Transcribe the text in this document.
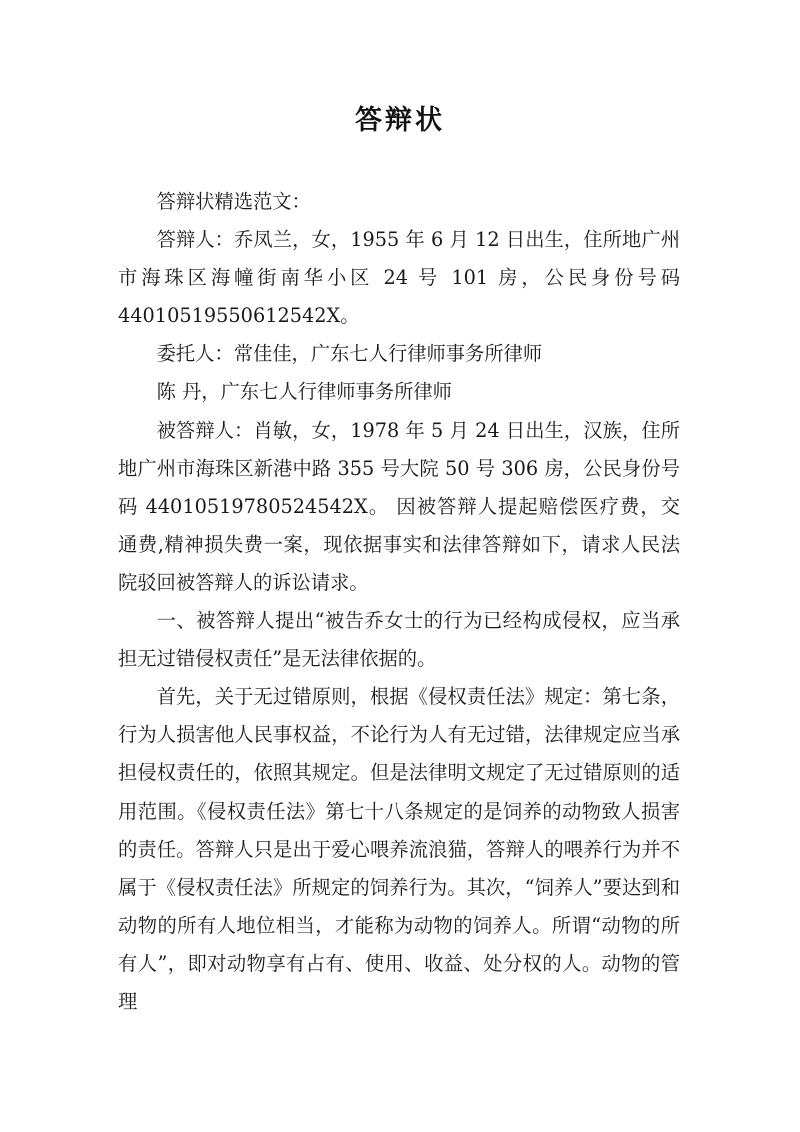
答辩状

答辩状精选范文：

答辩人：乔凤兰，女，1955 年 6 月 12 日出生，住所地广州市海珠区海幢街南华小区 24 号 101 房，公民身份号码 44010519550612542X。

委托人：常佳佳，广东七人行律师事务所律师

陈 丹，广东七人行律师事务所律师

被答辩人：肖敏，女，1978 年 5 月 24 日出生，汉族，住所地广州市海珠区新港中路 355 号大院 50 号 306 房，公民身份号码 44010519780524542X。 因被答辩人提起赔偿医疗费，交通费,精神损失费一案，现依据事实和法律答辩如下，请求人民法院驳回被答辩人的诉讼请求。

一、被答辩人提出“被告乔女士的行为已经构成侵权，应当承担无过错侵权责任”是无法律依据的。

首先，关于无过错原则，根据《侵权责任法》规定：第七条，行为人损害他人民事权益，不论行为人有无过错，法律规定应当承担侵权责任的，依照其规定。但是法律明文规定了无过错原则的适用范围。《侵权责任法》第七十八条规定的是饲养的动物致人损害的责任。答辩人只是出于爱心喂养流浪猫，答辩人的喂养行为并不属于《侵权责任法》所规定的饲养行为。其次，“饲养人”要达到和动物的所有人地位相当，才能称为动物的饲养人。所谓“动物的所有人”，即对动物享有占有、使用、收益、处分权的人。动物的管理
